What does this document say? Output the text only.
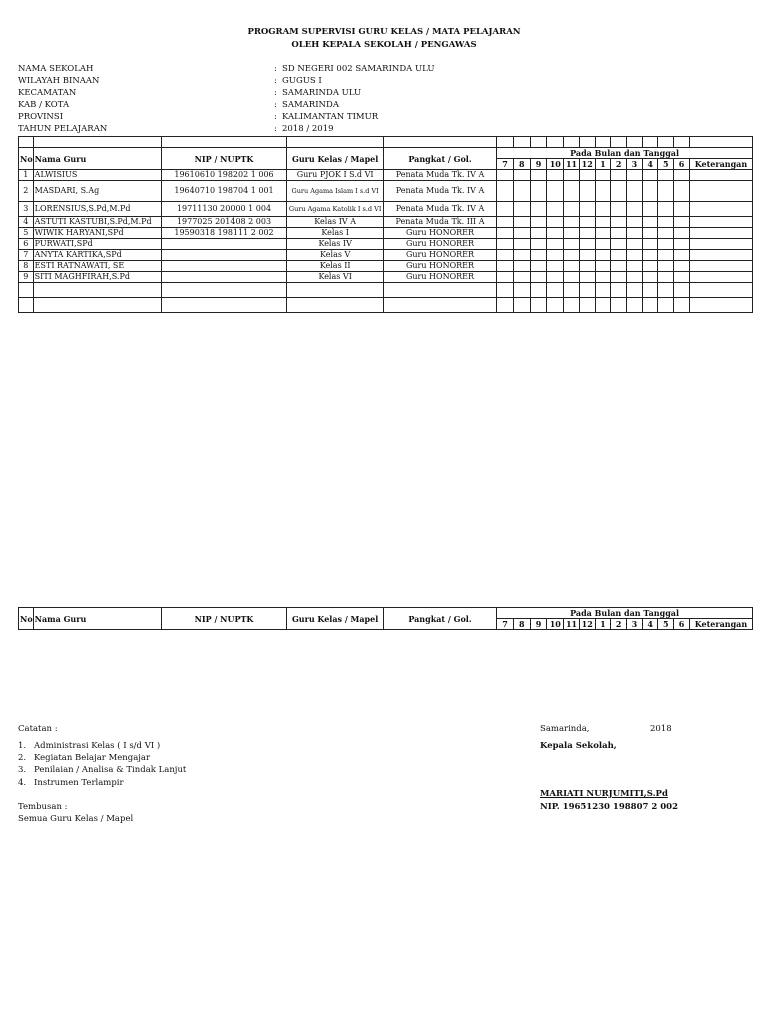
PROGRAM SUPERVISI GURU KELAS / MATA PELAJARAN
OLEH KEPALA SEKOLAH / PENGAWAS
NAMA SEKOLAH	: SD NEGERI 002 SAMARINDA ULU
WILAYAH BINAAN	: GUGUS I
KECAMATAN	: SAMARINDA ULU
KAB / KOTA	: SAMARINDA
PROVINSI	: KALIMANTAN TIMUR
TAHUN PELAJARAN	: 2018 / 2019

No	Nama Guru	NIP / NUPTK	Guru Kelas / Mapel	Pangkat / Gol.	Pada Bulan dan Tanggal												
					7	8	9	10	11	12	1	2	3	4	5	6	Keterangan
1	ALWISIUS	19610610 198202 1 006	Guru PJOK I S.d VI	Penata Muda Tk. IV A													
2	MASDARI, S.Ag	19640710 198704 1 001	Guru Agama Islam I s.d VI	Penata Muda Tk. IV A													
3	LORENSIUS,S.Pd,M.Pd	19711130 20000 1 004	Guru Agama Katolik I s.d VI	Penata Muda Tk. IV A													
4	ASTUTI KASTUBI,S.Pd,M.Pd	1977025 201408 2 003	Kelas IV A	Penata Muda Tk. III A													
5	WIWIK HARYANI,SPd	19590318 198111 2 002	Kelas I	Guru HONORER													
6	PURWATI,SPd		Kelas IV	Guru HONORER													
7	ANYTA KARTIKA,SPd		Kelas V	Guru HONORER													
8	ESTI RATNAWATI, SE		Kelas II	Guru HONORER													
9	SITI MAGHFIRAH,S.Pd		Kelas VI	Guru HONORER													

No	Nama Guru	NIP / NUPTK	Guru Kelas / Mapel	Pangkat / Gol.	Pada Bulan dan Tanggal												
					7	8	9	10	11	12	1	2	3	4	5	6	Keterangan
Catatan :
1. Administrasi Kelas ( I s/d VI )
2. Kegiatan Belajar Mengajar
3. Penilaian / Analisa & Tindak Lanjut
4. Instrumen Terlampir
Tembusan :
Semua Guru Kelas / Mapel
Samarinda,	2018
Kepala Sekolah,
MARIATI NURJUMITI,S.Pd
NIP. 19651230 198807 2 002
